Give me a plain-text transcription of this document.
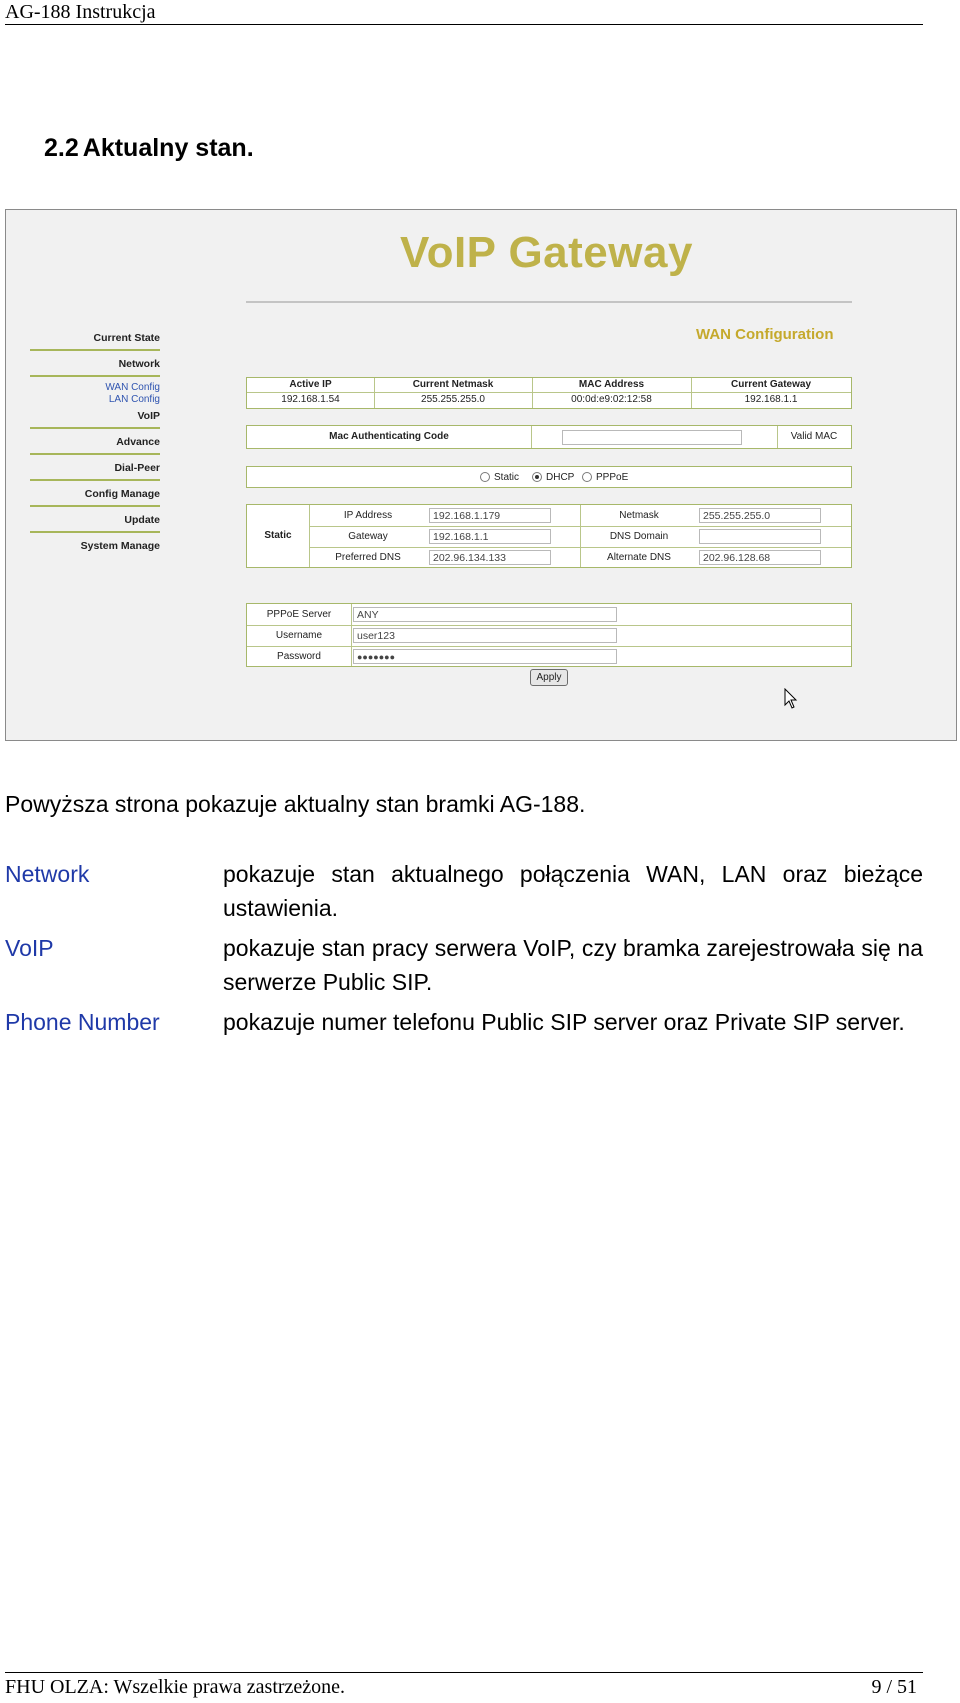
AG-188 Instrukcja
2.2 Aktualny stan.
VoIP Gateway
Current State
Network
WAN Config
LAN Config
VoIP
Advance
Dial-Peer
Config Manage
Update
System Manage
WAN Configuration
Active IP	Current Netmask	MAC Address	Current Gateway
192.168.1.54	255.255.255.0	00:0d:e9:02:12:58	192.168.1.1
Mac Authenticating Code	Valid MAC
Static	DHCP PPPoE
Static
IP Address	192.168.1.179	Netmask	255.255.255.0
Gateway	192.168.1.1	DNS Domain
Preferred DNS	202.96.134.133	Alternate DNS	202.96.128.68
PPPoE Server	ANY
Username	user123
Password	●●●●●●●
Apply
Powyższa strona pokazuje aktualny stan bramki AG-188.
Network	pokazuje stan aktualnego połączenia WAN, LAN oraz bieżące ustawienia.
VoIP	pokazuje stan pracy serwera VoIP, czy bramka zarejestrowała się na serwerze Public SIP.
Phone Number	pokazuje numer telefonu Public SIP server oraz Private SIP server.
FHU OLZA: Wszelkie prawa zastrzeżone.	9 / 51
